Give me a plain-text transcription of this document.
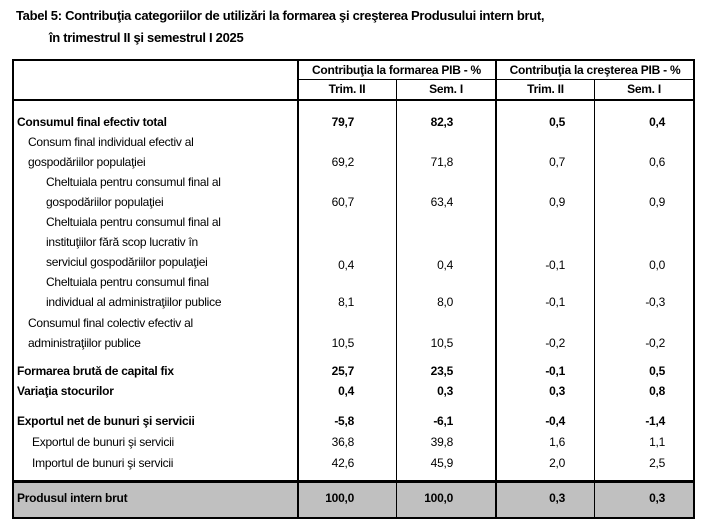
Tabel 5: Contribuţia categoriilor de utilizări la formarea şi creşterea Produsului intern brut,
în trimestrul II şi semestrul I 2025
Contribuţia la formarea PIB - %	Contribuţia la creşterea PIB - %
Trim. II	Sem. I	Trim. II	Sem. I
Consumul final efectiv total	79,7	82,3	0,5	0,4
Consum final individual efectiv al
gospodăriilor populaţiei	69,2	71,8	0,7	0,6
Cheltuiala pentru consumul final al
gospodăriilor populaţiei	60,7	63,4	0,9	0,9
Cheltuiala pentru consumul final al
instituţiilor fără scop lucrativ în
serviciul gospodăriilor populaţiei	0,4	0,4	-0,1	0,0
Cheltuiala pentru consumul final
individual al administraţiilor publice	8,1	8,0	-0,1	-0,3
Consumul final colectiv efectiv al
administraţiilor publice	10,5	10,5	-0,2	-0,2
Formarea brută de capital fix	25,7	23,5	-0,1	0,5
Variaţia stocurilor	0,4	0,3	0,3	0,8
Exportul net de bunuri şi servicii	-5,8	-6,1	-0,4	-1,4
Exportul de bunuri şi servicii	36,8	39,8	1,6	1,1
Importul de bunuri şi servicii	42,6	45,9	2,0	2,5
Produsul intern brut	100,0	100,0	0,3	0,3
